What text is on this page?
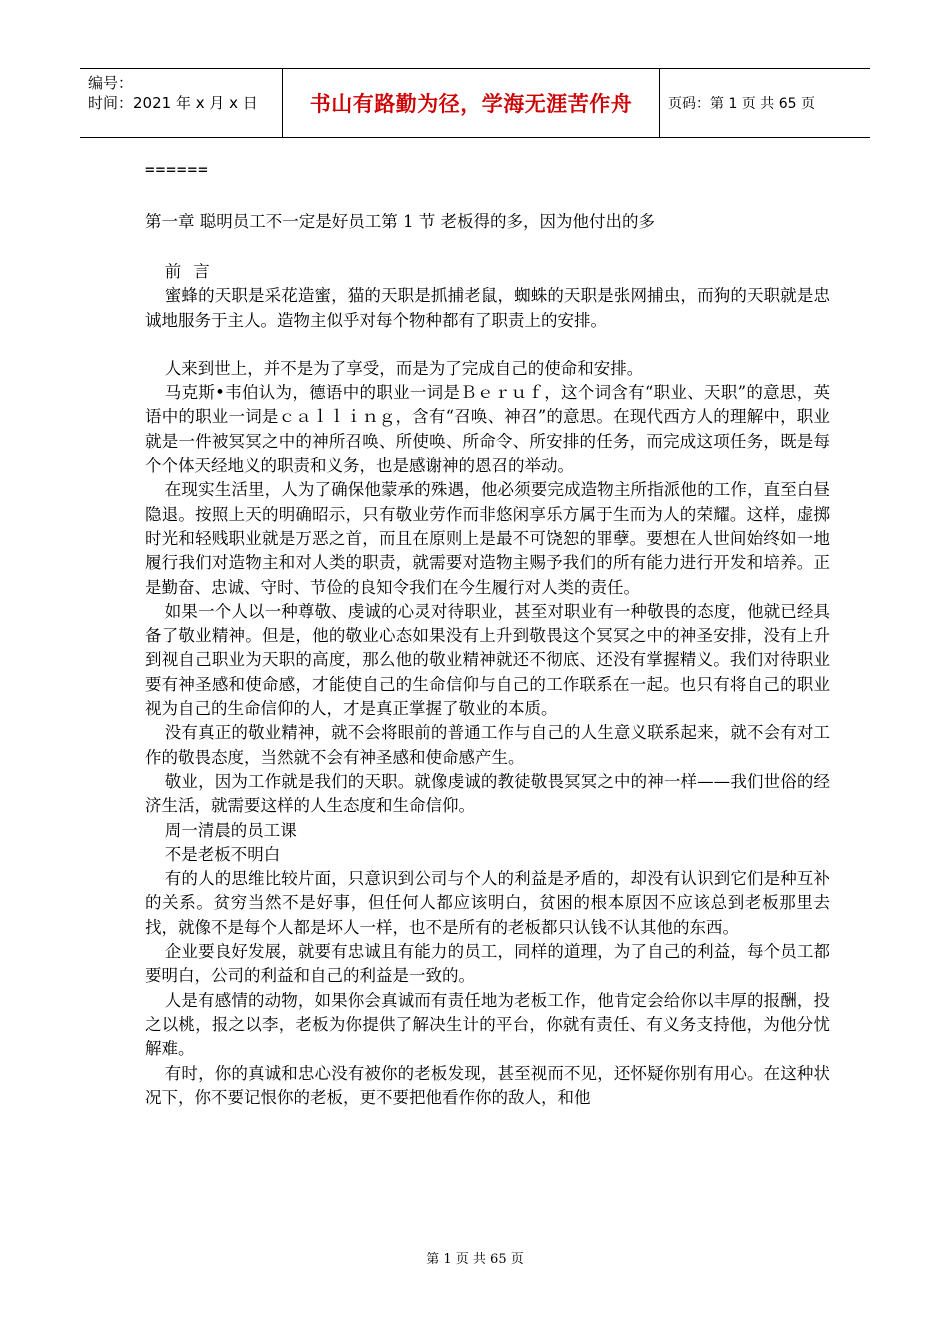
编号：
时间：2021 年 x 月 x 日	书山有路勤为径，学海无涯苦作舟	页码：第 1 页 共 65 页
======
第一章 聪明员工不一定是好员工第 1 节 老板得的多，因为他付出的多

前言

蜜蜂的天职是采花造蜜，猫的天职是抓捕老鼠，蜘蛛的天职是张网捕虫，而狗的天职就是忠诚地服务于主人。造物主似乎对每个物种都有了职责上的安排。

人来到世上，并不是为了享受，而是为了完成自己的使命和安排。

马克斯•韦伯认为，德语中的职业一词是Ｂｅｒｕｆ，这个词含有“职业、天职”的意思，英语中的职业一词是ｃａｌｌｉｎｇ，含有“召唤、神召”的意思。在现代西方人的理解中，职业就是一件被冥冥之中的神所召唤、所使唤、所命令、所安排的任务，而完成这项任务，既是每个个体天经地义的职责和义务，也是感谢神的恩召的举动。

在现实生活里，人为了确保他蒙承的殊遇，他必须要完成造物主所指派他的工作，直至白昼隐退。按照上天的明确昭示，只有敬业劳作而非悠闲享乐方属于生而为人的荣耀。这样，虚掷时光和轻贱职业就是万恶之首，而且在原则上是最不可饶恕的罪孽。要想在人世间始终如一地履行我们对造物主和对人类的职责，就需要对造物主赐予我们的所有能力进行开发和培养。正是勤奋、忠诚、守时、节俭的良知令我们在今生履行对人类的责任。

如果一个人以一种尊敬、虔诚的心灵对待职业，甚至对职业有一种敬畏的态度，他就已经具备了敬业精神。但是，他的敬业心态如果没有上升到敬畏这个冥冥之中的神圣安排，没有上升到视自己职业为天职的高度，那么他的敬业精神就还不彻底、还没有掌握精义。我们对待职业要有神圣感和使命感，才能使自己的生命信仰与自己的工作联系在一起。也只有将自己的职业视为自己的生命信仰的人，才是真正掌握了敬业的本质。

没有真正的敬业精神，就不会将眼前的普通工作与自己的人生意义联系起来，就不会有对工作的敬畏态度，当然就不会有神圣感和使命感产生。

敬业，因为工作就是我们的天职。就像虔诚的教徒敬畏冥冥之中的神一样——我们世俗的经济生活，就需要这样的人生态度和生命信仰。

周一清晨的员工课

不是老板不明白

有的人的思维比较片面，只意识到公司与个人的利益是矛盾的，却没有认识到它们是种互补的关系。贫穷当然不是好事，但任何人都应该明白，贫困的根本原因不应该总到老板那里去找，就像不是每个人都是坏人一样，也不是所有的老板都只认钱不认其他的东西。

企业要良好发展，就要有忠诚且有能力的员工，同样的道理，为了自己的利益，每个员工都要明白，公司的利益和自己的利益是一致的。

人是有感情的动物，如果你会真诚而有责任地为老板工作，他肯定会给你以丰厚的报酬，投之以桃，报之以李，老板为你提供了解决生计的平台，你就有责任、有义务支持他，为他分忧解难。

有时，你的真诚和忠心没有被你的老板发现，甚至视而不见，还怀疑你别有用心。在这种状况下，你不要记恨你的老板，更不要把他看作你的敌人，和他

第 1 页 共 65 页
